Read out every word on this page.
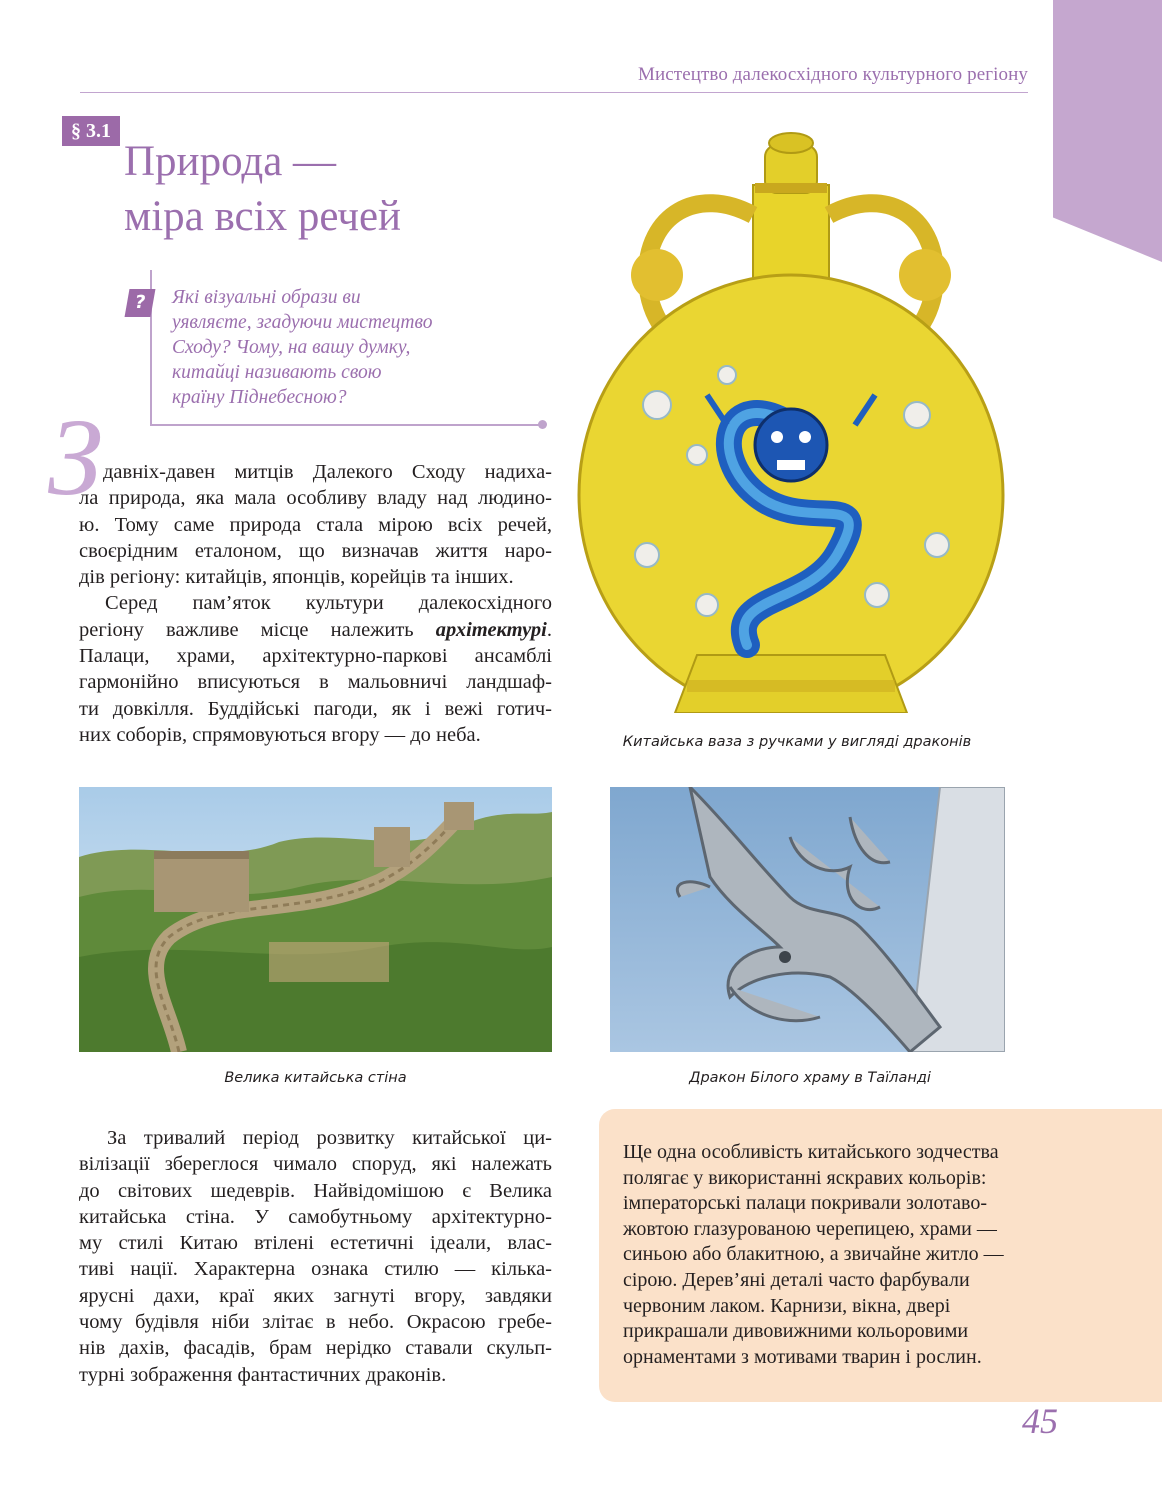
Мистецтво далекосхідного культурного регіону
§ 3.1
Природа —
міра всіх речей
?	Які візуальні образи ви
уявляєте, згадуючи мистецтво
Сходу? Чому, на вашу думку,
китайці називають свою
країну Піднебесною?
З давніх-давен митців Далекого Сходу надиха-
ла природа, яка мала особливу владу над людино-
ю. Тому саме природа стала мірою всіх речей,
своєрідним еталоном, що визначав життя наро-
дів регіону: китайців, японців, корейців та інших.
Серед пам’яток культури далекосхідного
регіону важливе місце належить архітектурі.
Палаци, храми, архітектурно-паркові ансамблі
гармонійно вписуються в мальовничі ландшаф-
ти довкілля. Буддійські пагоди, як і вежі готич-
них соборів, спрямовуються вгору — до неба.	Китайська ваза з ручками у вигляді драконів
Велика китайська стіна	Дракон Білого храму в Таїланді
За тривалий період розвитку китайської ци-
вілізації збереглося чимало споруд, які належать
до світових шедеврів. Найвідомішою є Велика
китайська стіна. У самобутньому архітектурно-
му стилі Китаю втілені естетичні ідеали, влас-
тиві нації. Характерна ознака стилю — кілька-
ярусні дахи, краї яких загнуті вгору, завдяки
чому будівля ніби злітає в небо. Окрасою гребе-
нів дахів, фасадів, брам нерідко ставали скульп-
турні зображення фантастичних драконів.
Ще одна особливість китайського зодчества
полягає у використанні яскравих кольорів:
імператорські палаци покривали золотаво-
жовтою глазурованою черепицею, храми —
синьою або блакитною, а звичайне житло —
сірою. Дерев’яні деталі часто фарбували
червоним лаком. Карнизи, вікна, двері
прикрашали дивовижними кольоровими
орнаментами з мотивами тварин і рослин.
45
